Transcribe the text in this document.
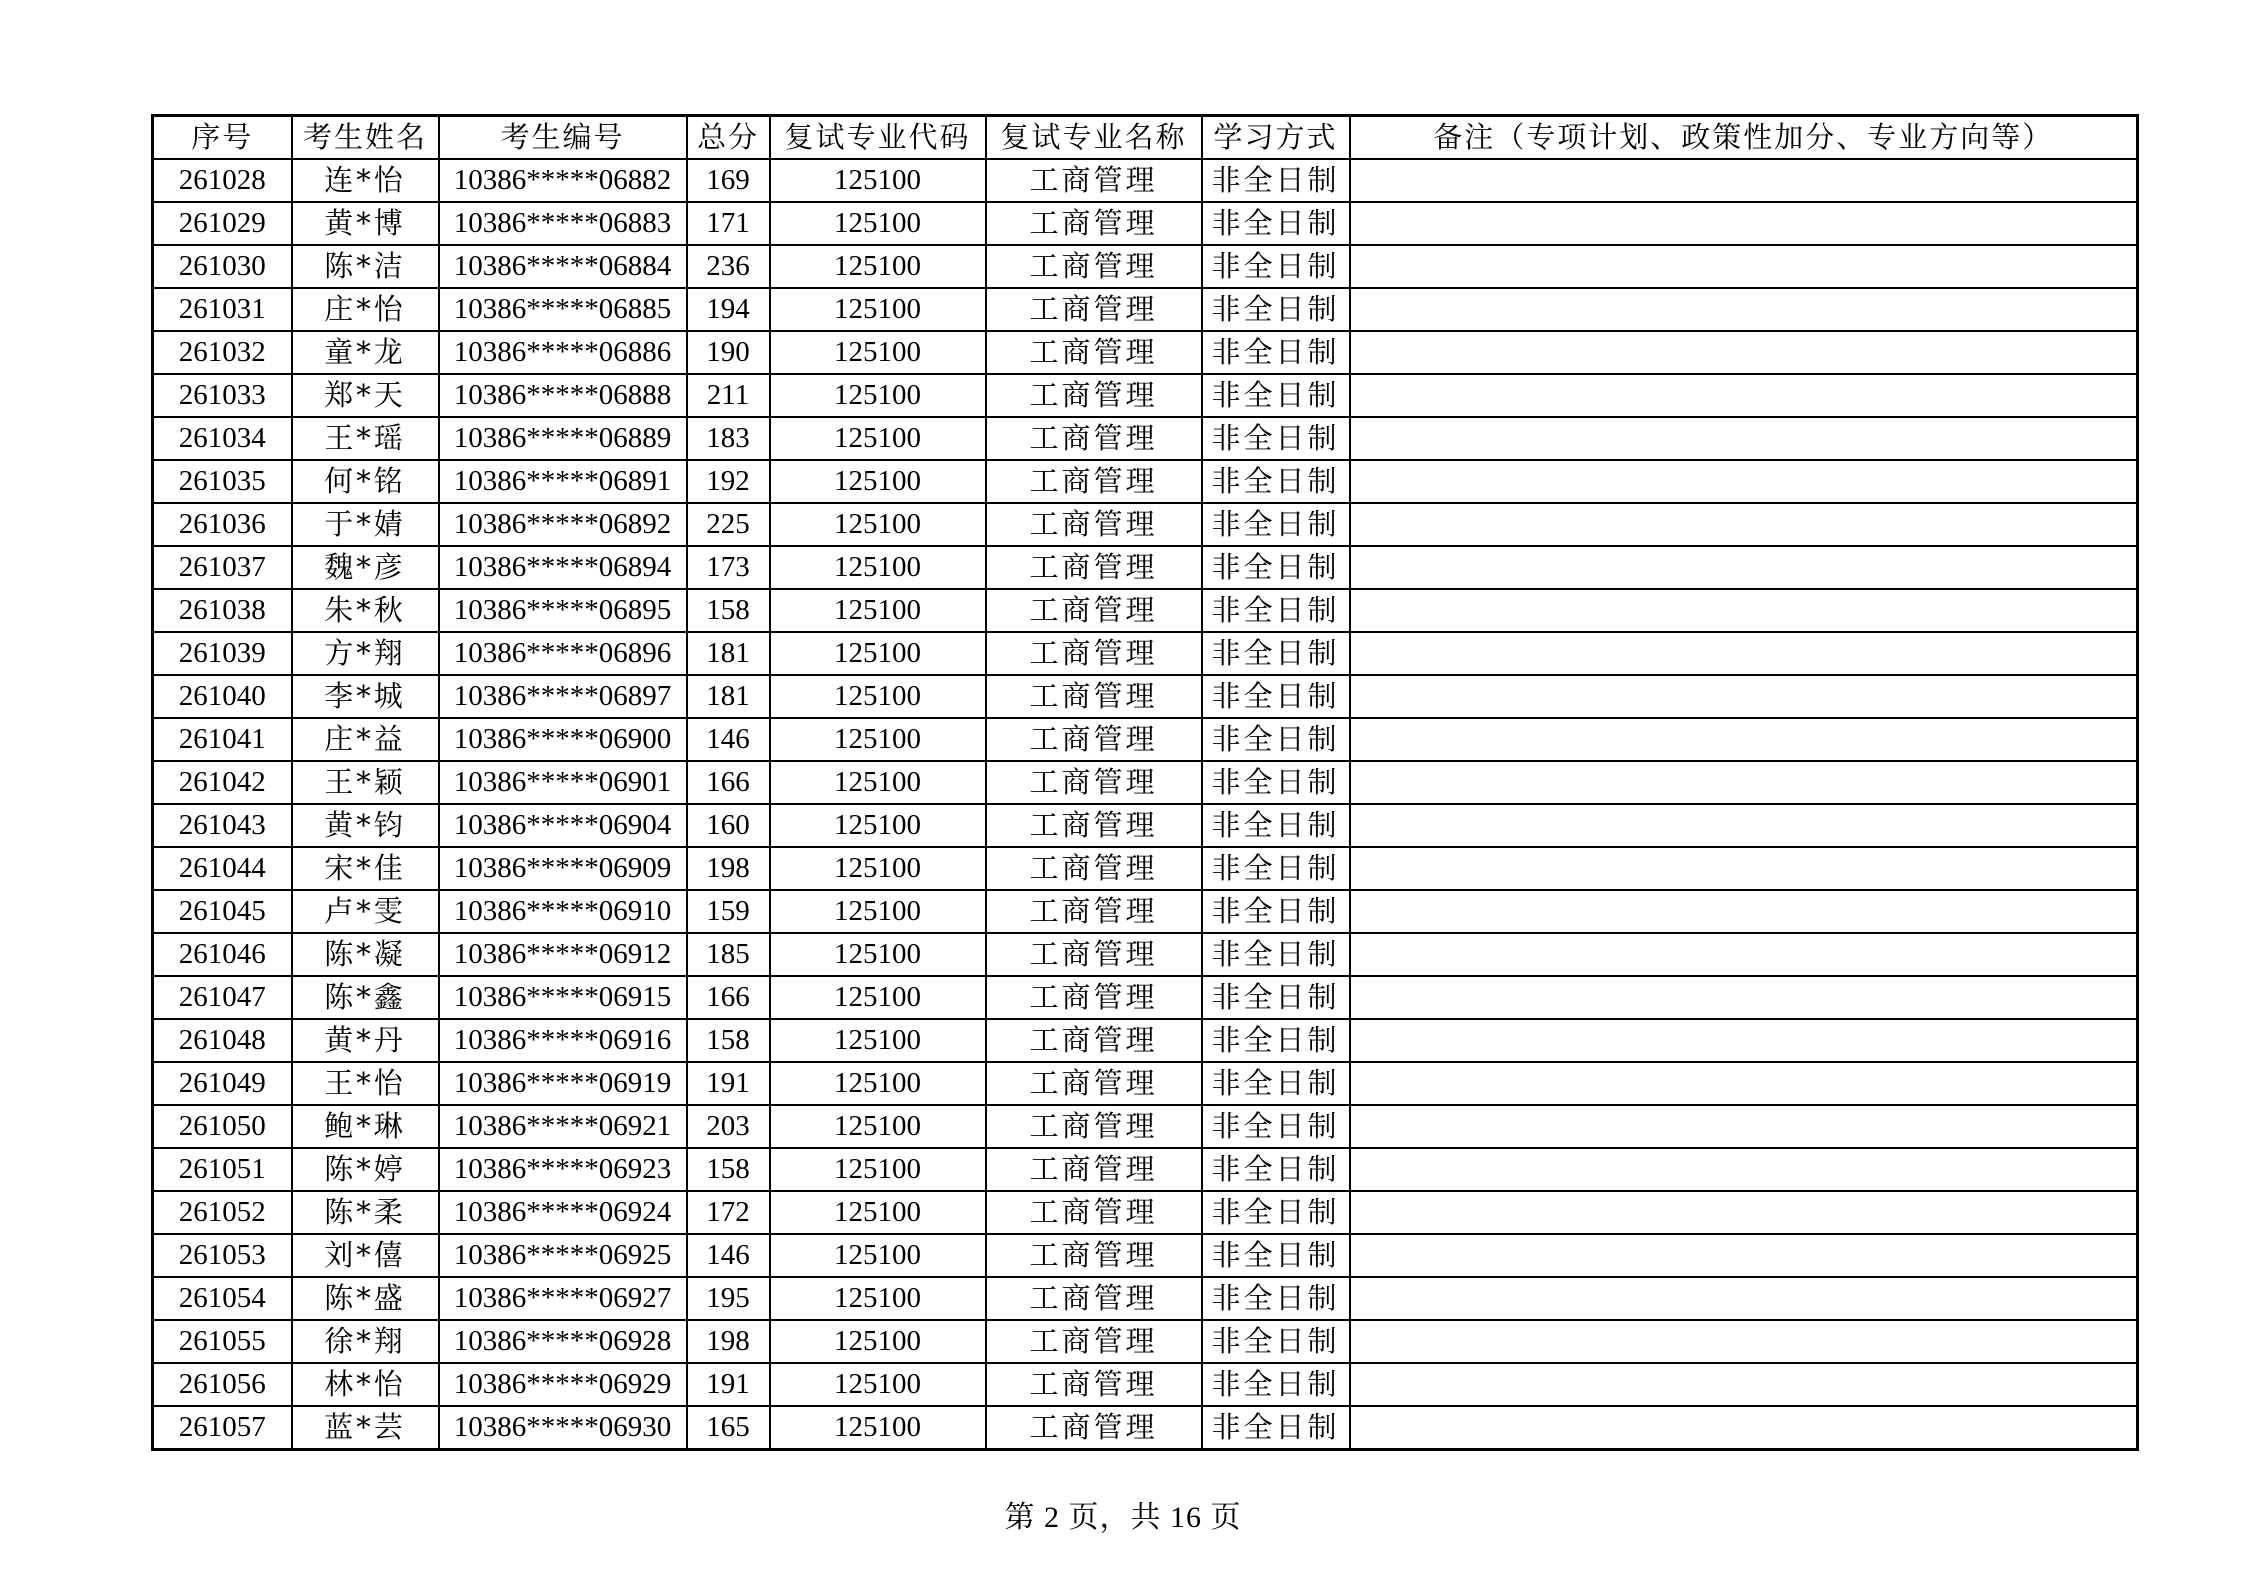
序号	考生姓名	考生编号	总分	复试专业代码	复试专业名称	学习方式	备注（专项计划、政策性加分、专业方向等）
261028	连*怡	10386*****06882	169	125100	工商管理	非全日制	
261029	黄*博	10386*****06883	171	125100	工商管理	非全日制	
261030	陈*洁	10386*****06884	236	125100	工商管理	非全日制	
261031	庄*怡	10386*****06885	194	125100	工商管理	非全日制	
261032	童*龙	10386*****06886	190	125100	工商管理	非全日制	
261033	郑*天	10386*****06888	211	125100	工商管理	非全日制	
261034	王*瑶	10386*****06889	183	125100	工商管理	非全日制	
261035	何*铭	10386*****06891	192	125100	工商管理	非全日制	
261036	于*婧	10386*****06892	225	125100	工商管理	非全日制	
261037	魏*彦	10386*****06894	173	125100	工商管理	非全日制	
261038	朱*秋	10386*****06895	158	125100	工商管理	非全日制	
261039	方*翔	10386*****06896	181	125100	工商管理	非全日制	
261040	李*城	10386*****06897	181	125100	工商管理	非全日制	
261041	庄*益	10386*****06900	146	125100	工商管理	非全日制	
261042	王*颖	10386*****06901	166	125100	工商管理	非全日制	
261043	黄*钧	10386*****06904	160	125100	工商管理	非全日制	
261044	宋*佳	10386*****06909	198	125100	工商管理	非全日制	
261045	卢*雯	10386*****06910	159	125100	工商管理	非全日制	
261046	陈*凝	10386*****06912	185	125100	工商管理	非全日制	
261047	陈*鑫	10386*****06915	166	125100	工商管理	非全日制	
261048	黄*丹	10386*****06916	158	125100	工商管理	非全日制	
261049	王*怡	10386*****06919	191	125100	工商管理	非全日制	
261050	鲍*琳	10386*****06921	203	125100	工商管理	非全日制	
261051	陈*婷	10386*****06923	158	125100	工商管理	非全日制	
261052	陈*柔	10386*****06924	172	125100	工商管理	非全日制	
261053	刘*僖	10386*****06925	146	125100	工商管理	非全日制	
261054	陈*盛	10386*****06927	195	125100	工商管理	非全日制	
261055	徐*翔	10386*****06928	198	125100	工商管理	非全日制	
261056	林*怡	10386*****06929	191	125100	工商管理	非全日制	
261057	蓝*芸	10386*****06930	165	125100	工商管理	非全日制	
第 2 页，共 16 页
